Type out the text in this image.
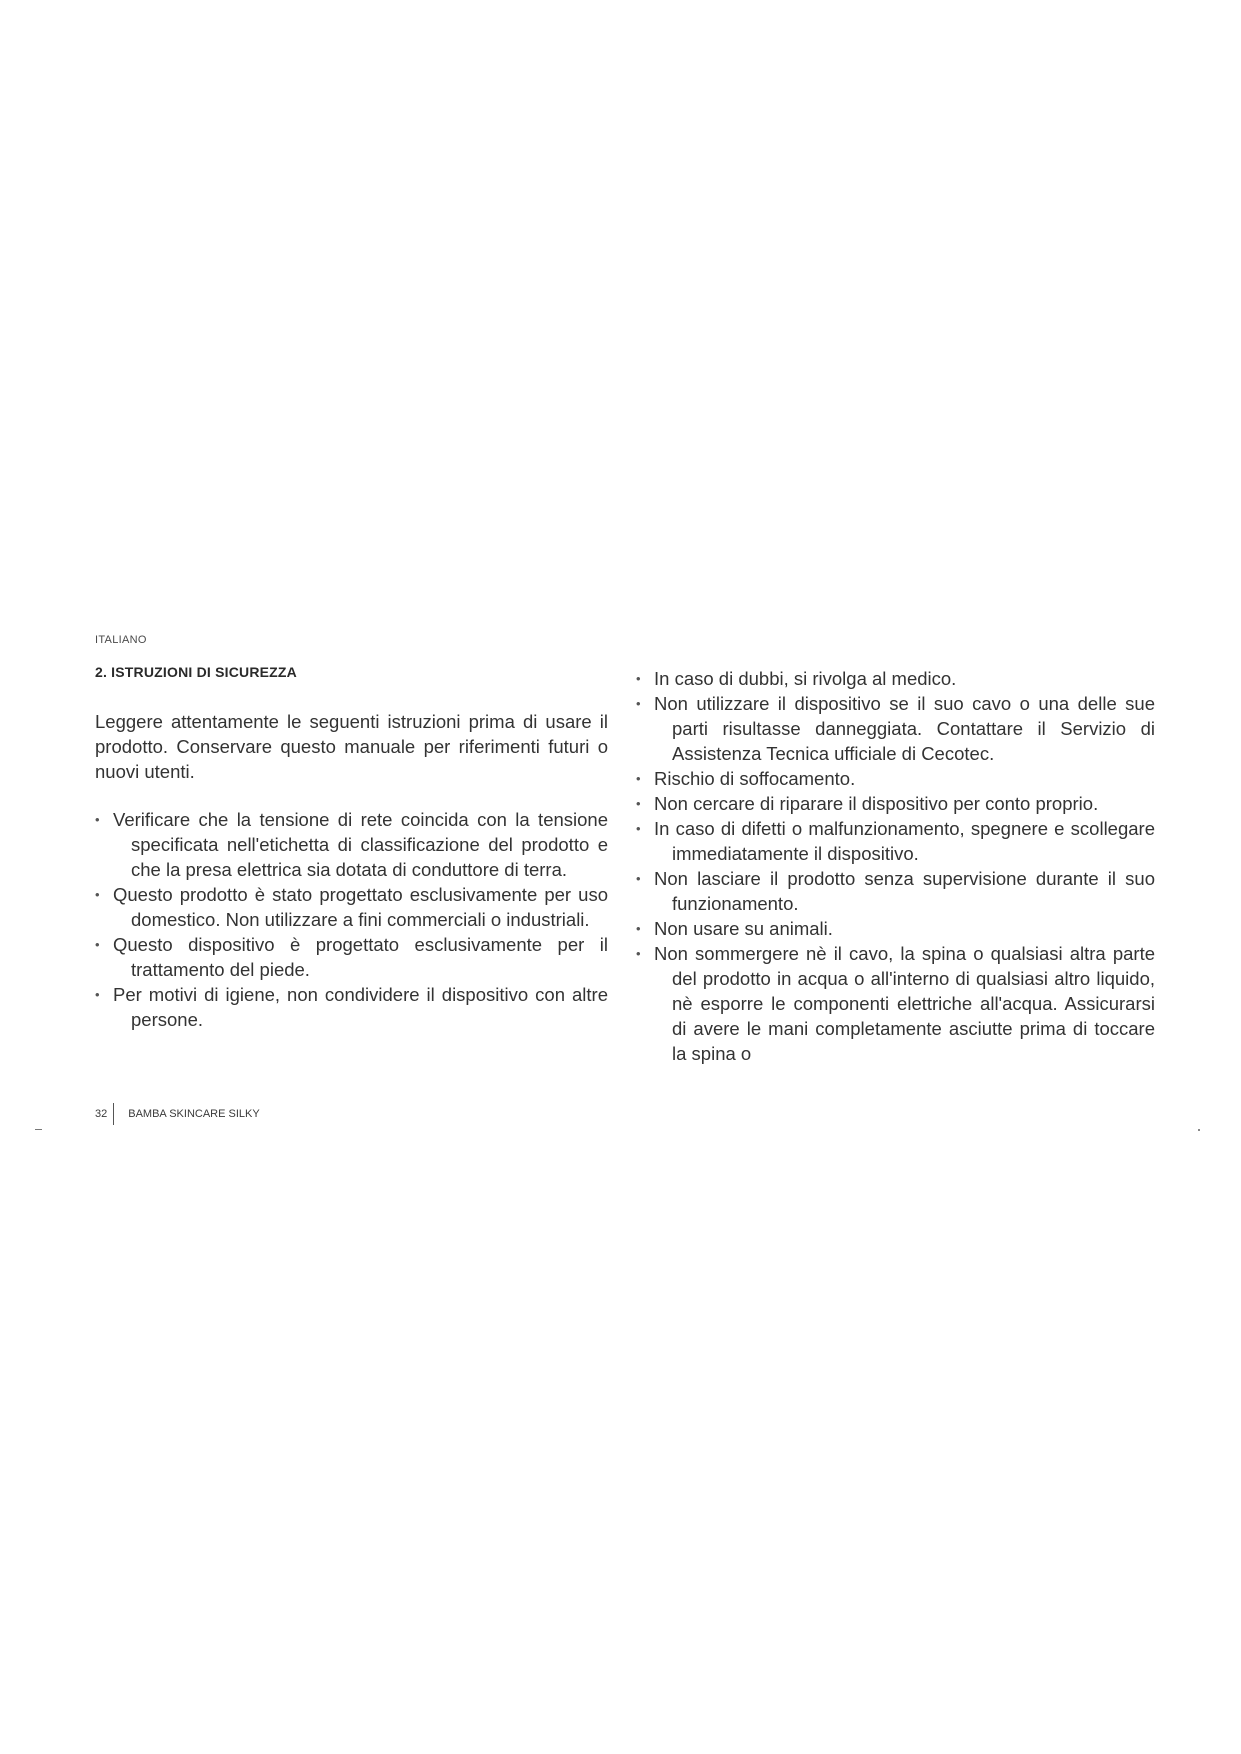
ITALIANO
2. ISTRUZIONI DI SICUREZZA

Leggere attentamente le seguenti istruzioni prima di usare il prodotto. Conservare questo manuale per riferimenti futuri o nuovi utenti.

• Verificare che la tensione di rete coincida con la tensione specificata nell'etichetta di classificazione del prodotto e che la presa elettrica sia dotata di conduttore di terra.
• Questo prodotto è stato progettato esclusivamente per uso domestico. Non utilizzare a fini commerciali o industriali.
• Questo dispositivo è progettato esclusivamente per il trattamento del piede.
• Per motivi di igiene, non condividere il dispositivo con altre persone.
• In caso di dubbi, si rivolga al medico.
• Non utilizzare il dispositivo se il suo cavo o una delle sue parti risultasse danneggiata. Contattare il Servizio di Assistenza Tecnica ufficiale di Cecotec.
• Rischio di soffocamento.
• Non cercare di riparare il dispositivo per conto proprio.
• In caso di difetti o malfunzionamento, spegnere e scollegare immediatamente il dispositivo.
• Non lasciare il prodotto senza supervisione durante il suo funzionamento.
• Non usare su animali.
• Non sommergere nè il cavo, la spina o qualsiasi altra parte del prodotto in acqua o all'interno di qualsiasi altro liquido, nè esporre le componenti elettriche all'acqua. Assicurarsi di avere le mani completamente asciutte prima di toccare la spina o
32 BAMBA SKINCARE SILKY
